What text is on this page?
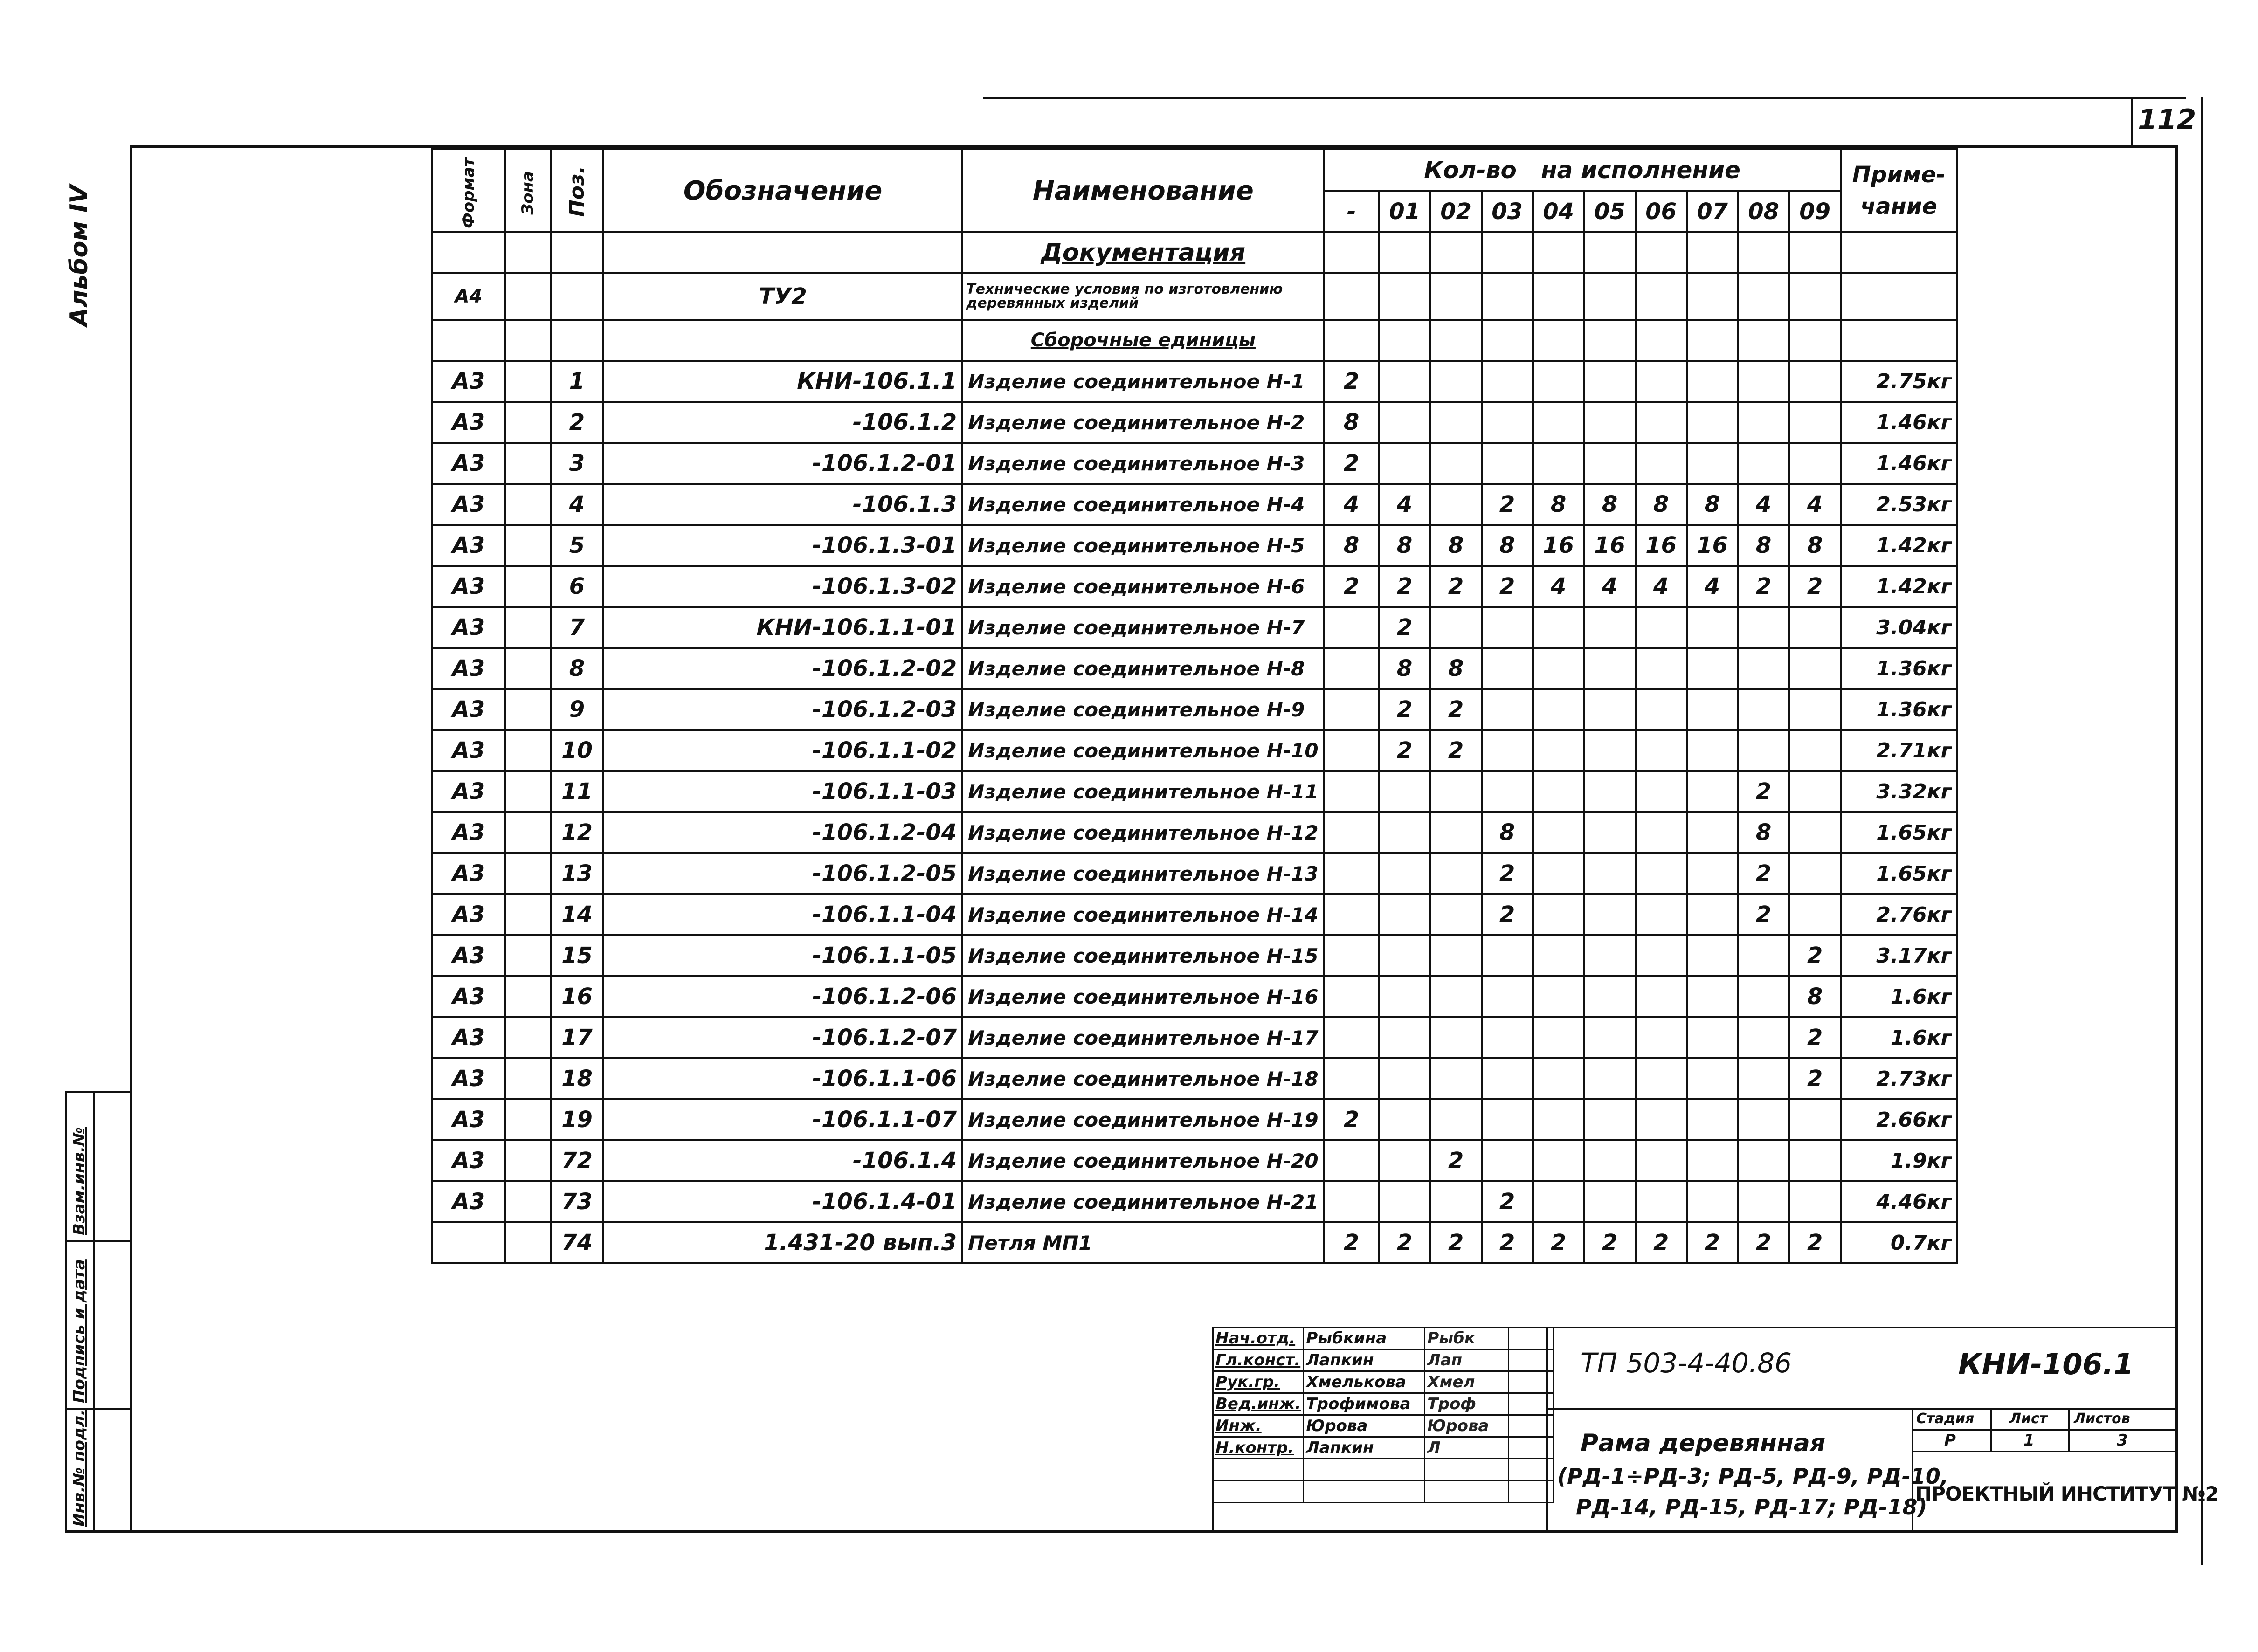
112
Альбом IV
Взам.инв.№
Подпись и дата
Инв.№ подл.
Формат	Зона	Поз.	Обозначение	Наименование	Кол-во   на исполнение										Приме-чание
					-	01	02	03	04	05	06	07	08	09	
				Документация											
А4			ТУ2	Технические условия по изготовлению деревянных изделий											
				Сборочные единицы											
А3		1	КНИ-106.1.1	Изделие соединительное Н-1	2										2.75кг
А3		2	-106.1.2	Изделие соединительное Н-2	8										1.46кг
А3		3	-106.1.2-01	Изделие соединительное Н-3	2										1.46кг
А3		4	-106.1.3	Изделие соединительное Н-4	4	4		2	8	8	8	8	4	4	2.53кг
А3		5	-106.1.3-01	Изделие соединительное Н-5	8	8	8	8	16	16	16	16	8	8	1.42кг
А3		6	-106.1.3-02	Изделие соединительное Н-6	2	2	2	2	4	4	4	4	2	2	1.42кг
А3		7	КНИ-106.1.1-01	Изделие соединительное Н-7		2									3.04кг
А3		8	-106.1.2-02	Изделие соединительное Н-8		8	8								1.36кг
А3		9	-106.1.2-03	Изделие соединительное Н-9		2	2								1.36кг
А3		10	-106.1.1-02	Изделие соединительное Н-10		2	2								2.71кг
А3		11	-106.1.1-03	Изделие соединительное Н-11									2		3.32кг
А3		12	-106.1.2-04	Изделие соединительное Н-12				8					8		1.65кг
А3		13	-106.1.2-05	Изделие соединительное Н-13				2					2		1.65кг
А3		14	-106.1.1-04	Изделие соединительное Н-14				2					2		2.76кг
А3		15	-106.1.1-05	Изделие соединительное Н-15										2	3.17кг
А3		16	-106.1.2-06	Изделие соединительное Н-16										8	1.6кг
А3		17	-106.1.2-07	Изделие соединительное Н-17										2	1.6кг
А3		18	-106.1.1-06	Изделие соединительное Н-18										2	2.73кг
А3		19	-106.1.1-07	Изделие соединительное Н-19	2										2.66кг
А3		72	-106.1.4	Изделие соединительное Н-20			2								1.9кг
А3		73	-106.1.4-01	Изделие соединительное Н-21				2							4.46кг
		74	1.431-20 вып.3	Петля МП1	2	2	2	2	2	2	2	2	2	2	0.7кг
Нач.отд.	Рыбкина	Рыбк	
Гл.конст.	Лапкин	Лап	
Рук.гр.	Хмелькова	Хмел	
Вед.инж.	Трофимова	Троф	
Инж.	Юрова	Юрова	
Н.контр.	Лапкин	Л	

ТП 503-4-40.86	КНИ-106.1
Рама деревянная
(РД-1÷РД-3; РД-5, РД-9, РД-10,
РД-14, РД-15, РД-17; РД-18)
Стадия	Лист Листов
Р	1	3
ПРОЕКТНЫЙ ИНСТИТУТ №2
